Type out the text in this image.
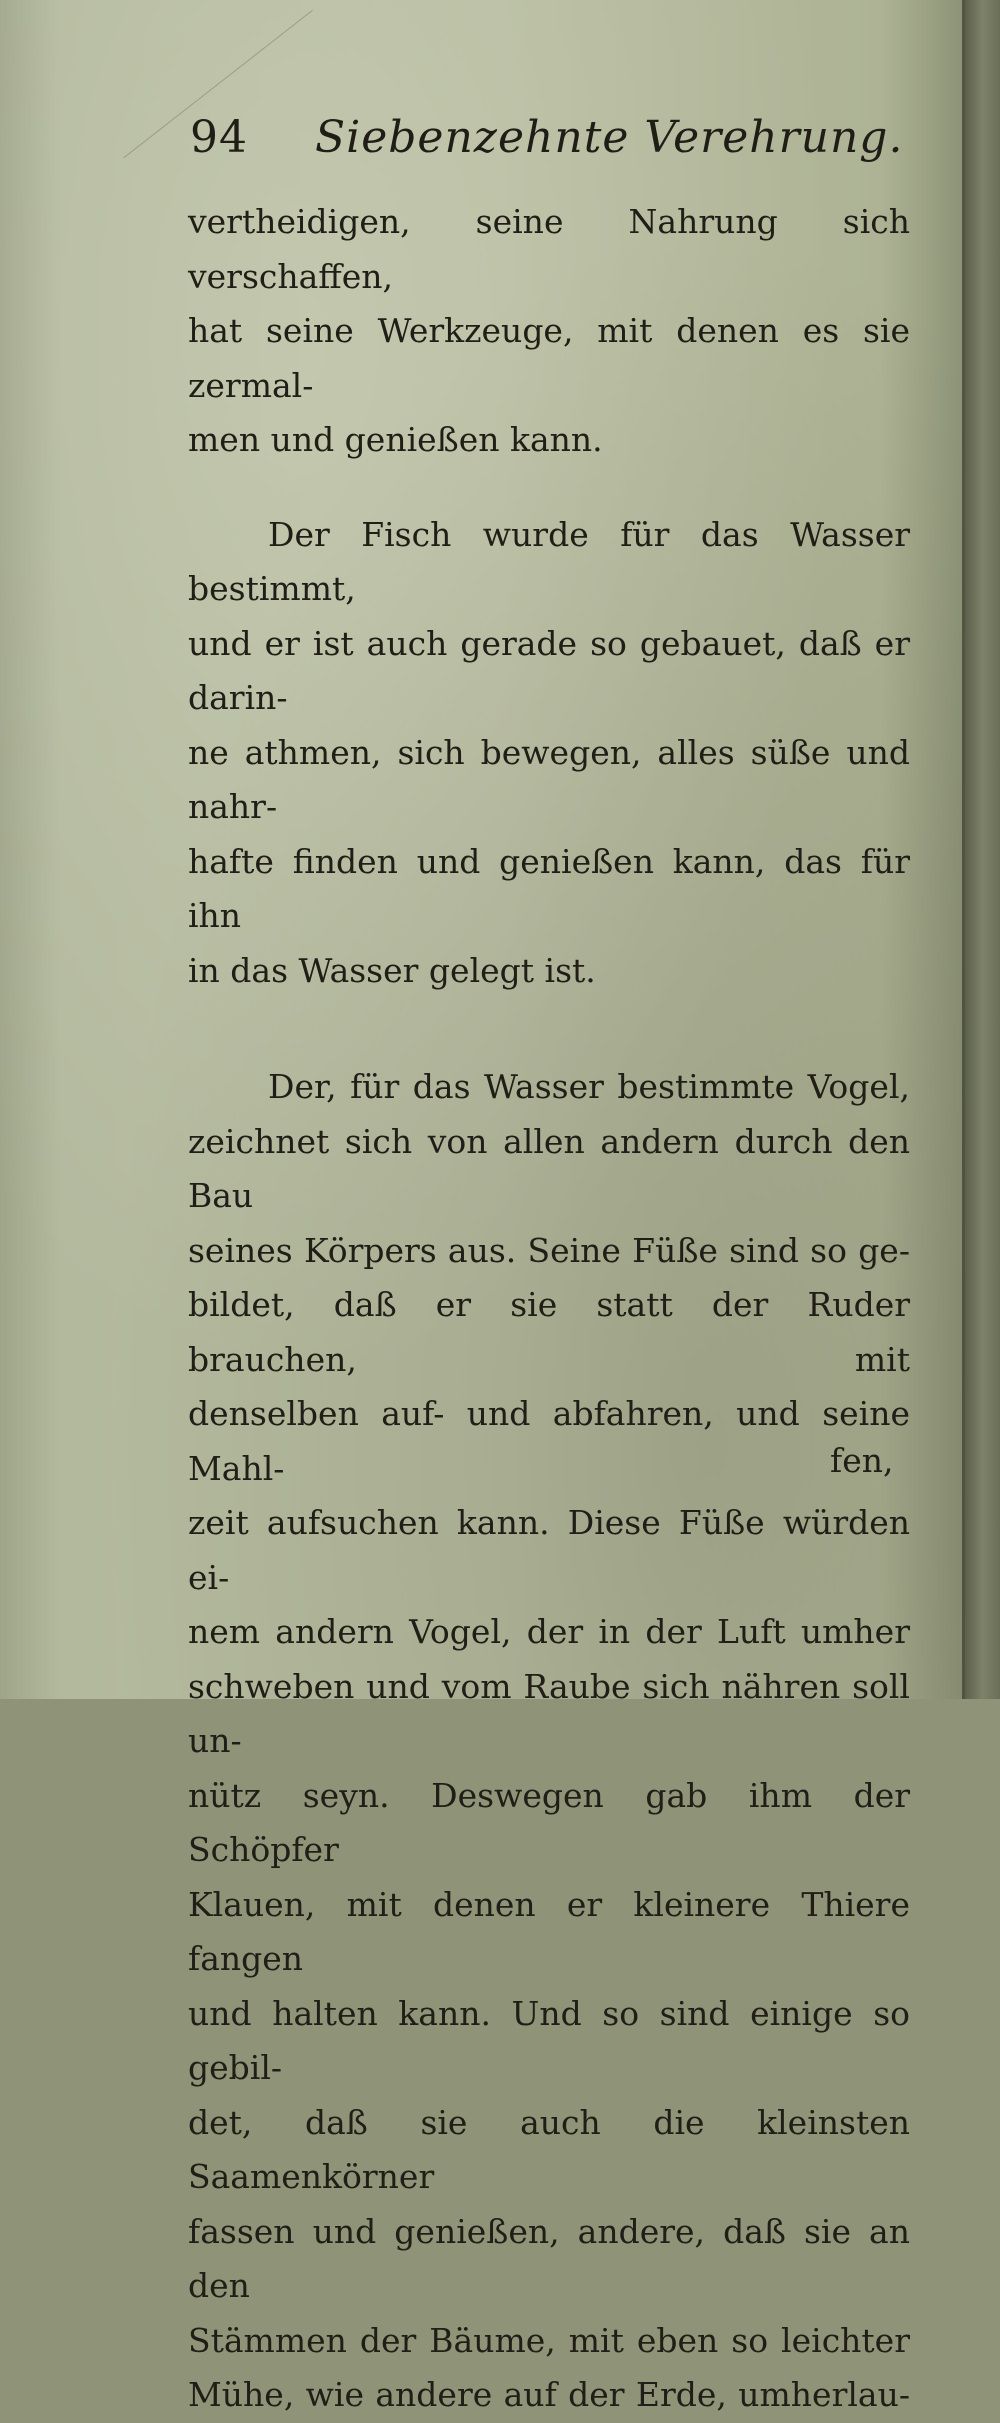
94 Siebenzehnte Verehrung.

vertheidigen, seine Nahrung sich verschaffen,

hat seine Werkzeuge, mit denen es sie zermal-

men und genießen kann.

Der Fisch wurde für das Wasser bestimmt,

und er ist auch gerade so gebauet, daß er darin-

ne athmen, sich bewegen, alles süße und nahr-

hafte finden und genießen kann, das für ihn

in das Wasser gelegt ist.

Der, für das Wasser bestimmte Vogel,

zeichnet sich von allen andern durch den Bau

seines Körpers aus. Seine Füße sind so ge-

bildet, daß er sie statt der Ruder brauchen, mit

denselben auf- und abfahren, und seine Mahl-

zeit aufsuchen kann. Diese Füße würden ei-

nem andern Vogel, der in der Luft umher

schweben und vom Raube sich nähren soll un-

nütz seyn. Deswegen gab ihm der Schöpfer

Klauen, mit denen er kleinere Thiere fangen

und halten kann. Und so sind einige so gebil-

det, daß sie auch die kleinsten Saamenkörner

fassen und genießen, andere, daß sie an den

Stämmen der Bäume, mit eben so leichter

Mühe, wie andere auf der Erde, umherlau-

fen,
